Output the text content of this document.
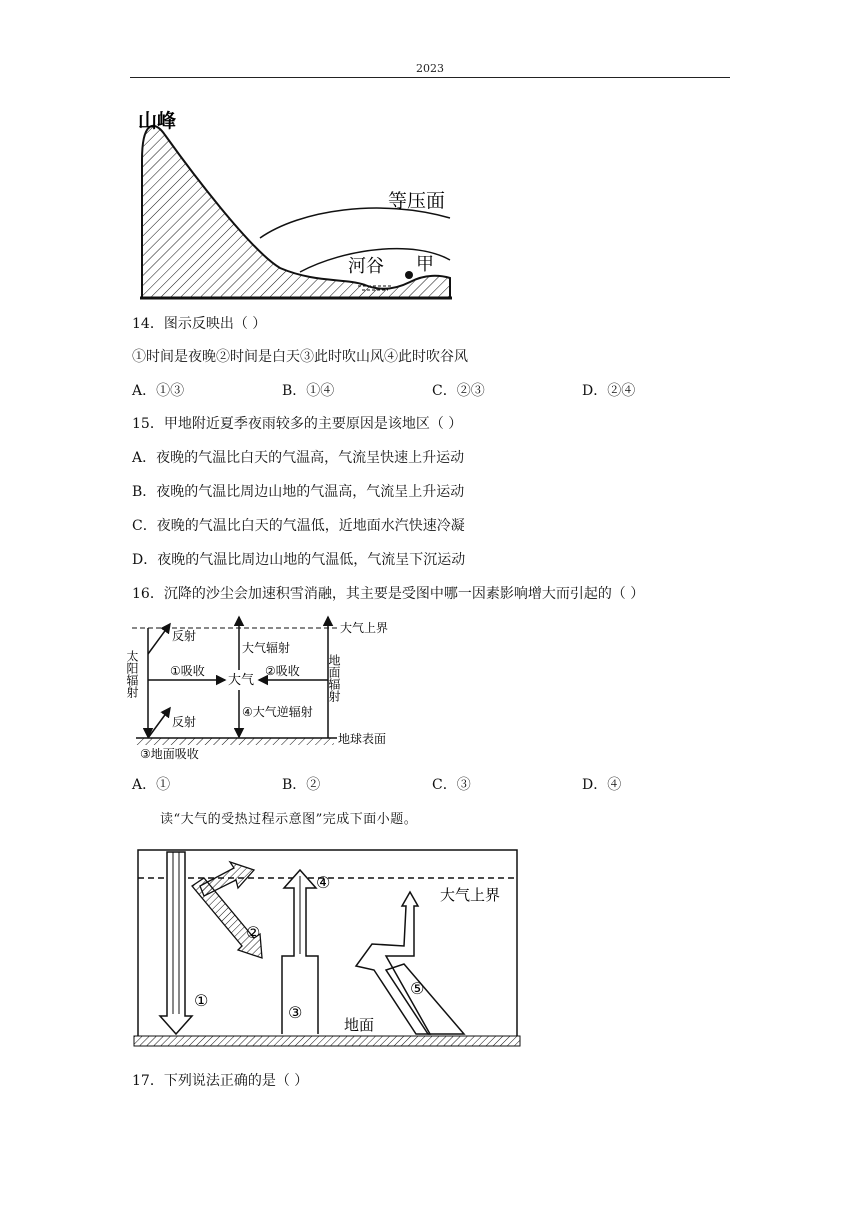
2023
山峰
等压面
河谷 甲
14．图示反映出（ ）
①时间是夜晚②时间是白天③此时吹山风④此时吹谷风
A．①③	B．①④	C．②③	D．②④
15．甲地附近夏季夜雨较多的主要原因是该地区（ ）
A．夜晚的气温比白天的气温高，气流呈快速上升运动
B．夜晚的气温比周边山地的气温高，气流呈上升运动
C．夜晚的气温比白天的气温低，近地面水汽快速冷凝
D．夜晚的气温比周边山地的气温低，气流呈下沉运动
16．沉降的沙尘会加速积雪消融，其主要是受图中哪一因素影响增大而引起的（ ）
大气上界
太阳辐射
反射
大气辐射
①吸收	②吸收
大气	地面辐射
反射
④大气逆辐射
③地面吸收
地球表面
A．①	B．②	C．③	D．④
读“大气的受热过程示意图”完成下面小题。
①
②
③
④
⑤
大气上界
地面
17．下列说法正确的是（ ）
